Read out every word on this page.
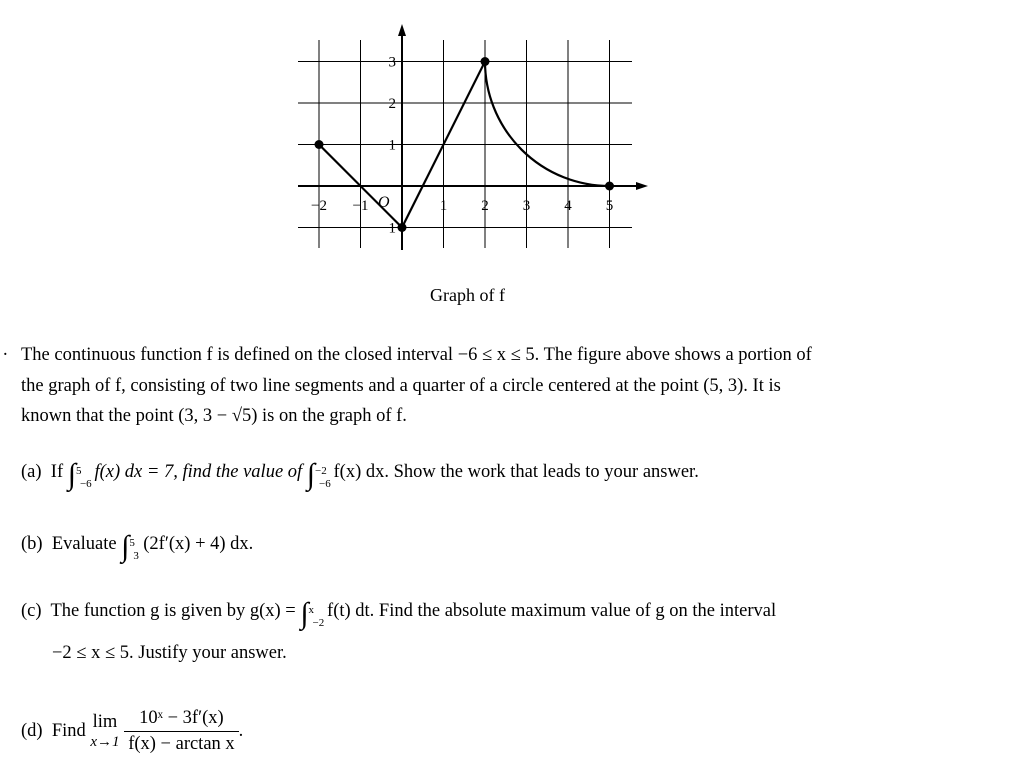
−2 −1	1 2 3 4 5
3
2
1
−1
O
Graph of f
. The continuous function f is defined on the closed interval −6 ≤ x ≤ 5. The figure above shows a portion of
the graph of f, consisting of two line segments and a quarter of a circle centered at the point (5, 3). It is
known that the point (3, 3 − √5) is on the graph of f.
(a) If ∫ 5
−6
f(x) dx = 7, find the value of ∫ −2
−6
f(x) dx. Show the work that leads to your answer.
(b) Evaluate ∫ 5
3
(2f′(x) + 4) dx.
(c) The function g is given by g(x) = ∫ x
−2
f(t) dt. Find the absolute maximum value of g on the interval
−2 ≤ x ≤ 5. Justify your answer.
(d) Find lim
x→1
$\frac{\text{10ˣ − 3f′(x)}}{\text{f(x) − arctan x}}$ .
